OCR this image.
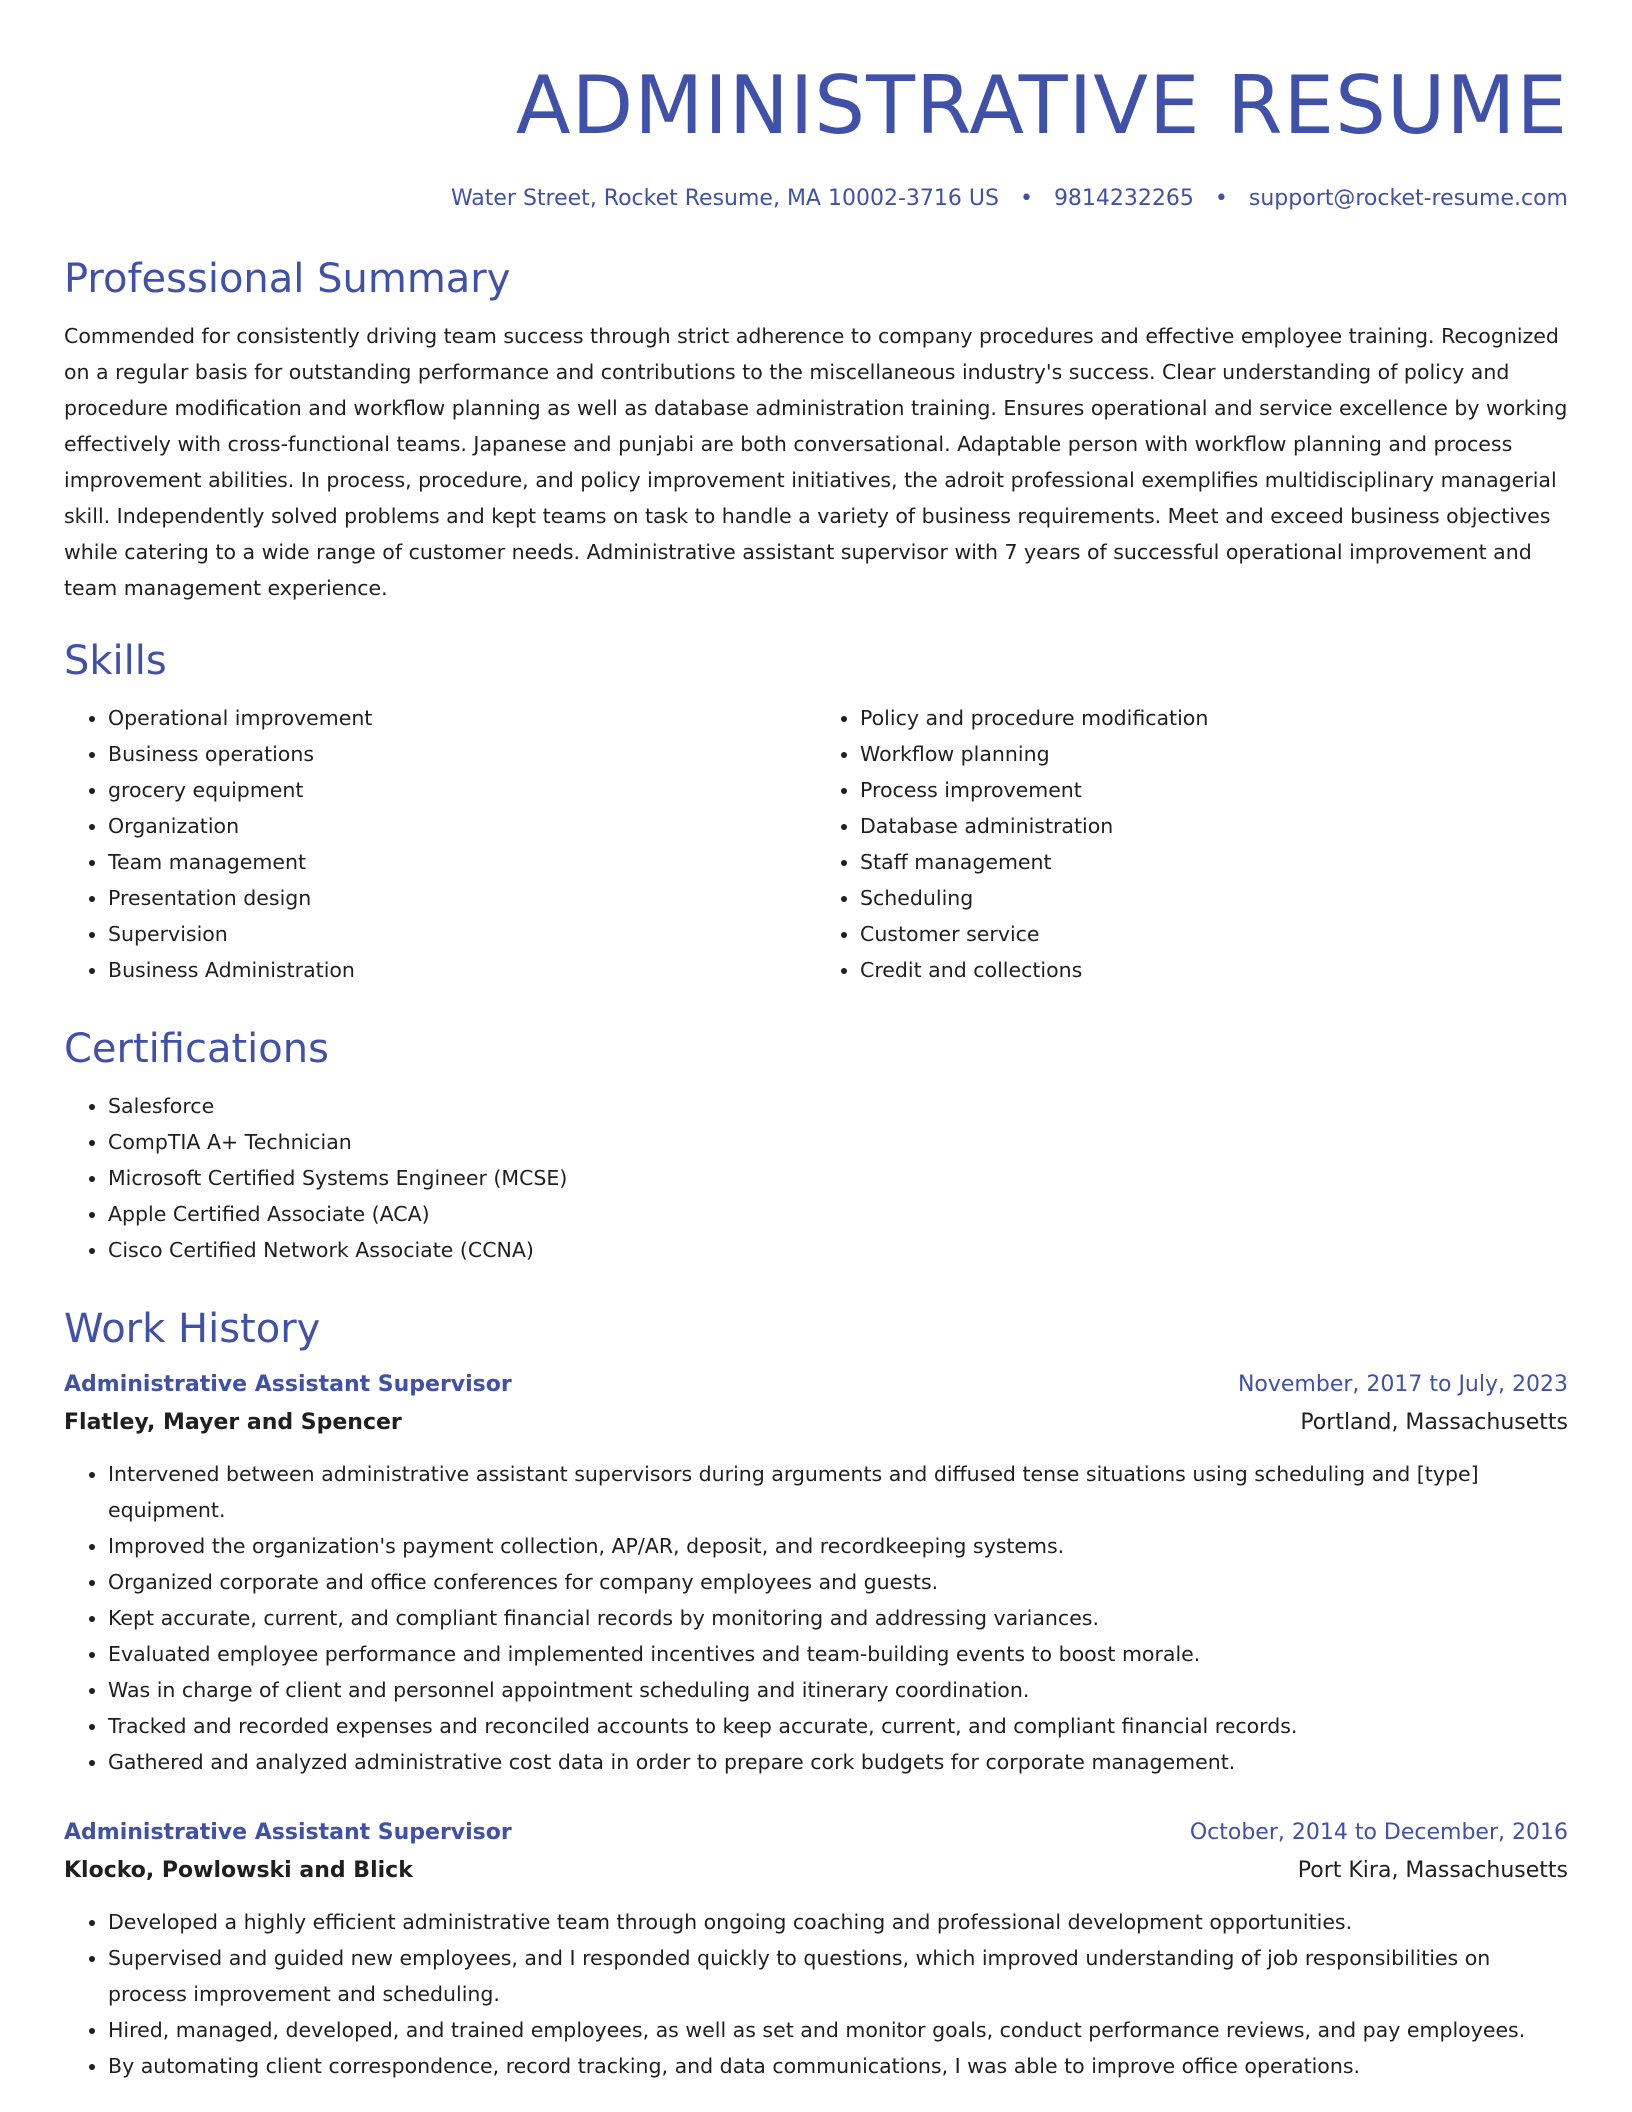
ADMINISTRATIVE RESUME
Water Street, Rocket Resume, MA 10002-3716 US • 9814232265 • support@rocket-resume.com
Professional Summary

Commended for consistently driving team success through strict adherence to company procedures and effective employee training. Recognized on a regular basis for outstanding performance and contributions to the miscellaneous industry's success. Clear understanding of policy and procedure modification and workflow planning as well as database administration training. Ensures operational and service excellence by working effectively with cross-functional teams. Japanese and punjabi are both conversational. Adaptable person with workflow planning and process improvement abilities. In process, procedure, and policy improvement initiatives, the adroit professional exemplifies multidisciplinary managerial skill. Independently solved problems and kept teams on task to handle a variety of business requirements. Meet and exceed business objectives while catering to a wide range of customer needs. Administrative assistant supervisor with 7 years of successful operational improvement and team management experience.

Skills
• Operational improvement
• Business operations
• grocery equipment
• Organization
• Team management
• Presentation design
• Supervision
• Business Administration
• Policy and procedure modification
• Workflow planning
• Process improvement
• Database administration
• Staff management
• Scheduling
• Customer service
• Credit and collections
Certifications
• Salesforce
• CompTIA A+ Technician
• Microsoft Certified Systems Engineer (MCSE)
• Apple Certified Associate (ACA)
• Cisco Certified Network Associate (CCNA)
Work History
Administrative Assistant Supervisor	November, 2017 to July, 2023
Flatley, Mayer and Spencer	Portland, Massachusetts
• Intervened between administrative assistant supervisors during arguments and diffused tense situations using scheduling and [type] equipment.
• Improved the organization's payment collection, AP/AR, deposit, and recordkeeping systems.
• Organized corporate and office conferences for company employees and guests.
• Kept accurate, current, and compliant financial records by monitoring and addressing variances.
• Evaluated employee performance and implemented incentives and team-building events to boost morale.
• Was in charge of client and personnel appointment scheduling and itinerary coordination.
• Tracked and recorded expenses and reconciled accounts to keep accurate, current, and compliant financial records.
• Gathered and analyzed administrative cost data in order to prepare cork budgets for corporate management.
Administrative Assistant Supervisor	October, 2014 to December, 2016
Klocko, Powlowski and Blick	Port Kira, Massachusetts
• Developed a highly efficient administrative team through ongoing coaching and professional development opportunities.
• Supervised and guided new employees, and I responded quickly to questions, which improved understanding of job responsibilities on process improvement and scheduling.
• Hired, managed, developed, and trained employees, as well as set and monitor goals, conduct performance reviews, and pay employees.
• By automating client correspondence, record tracking, and data communications, I was able to improve office operations.
